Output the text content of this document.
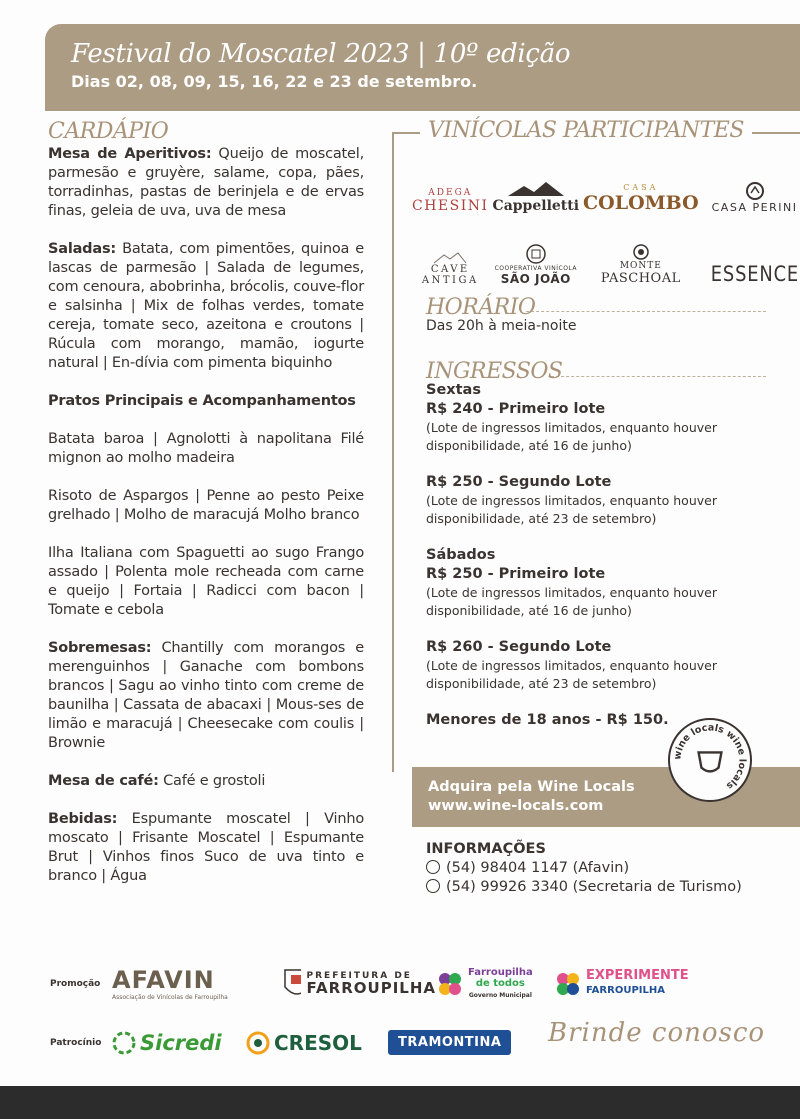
Festival do Moscatel 2023 | 10º edição
Dias 02, 08, 09, 15, 16, 22 e 23 de setembro.
CARDÁPIO

Mesa de Aperitivos: Queijo de moscatel, parmesão e gruyère, salame, copa, pães, torradinhas, pastas de berinjela e de ervas finas, geleia de uva, uva de mesa

Saladas: Batata, com pimentões, quinoa e lascas de parmesão | Salada de legumes, com cenoura, abobrinha, brócolis, couve-flor e salsinha | Mix de folhas verdes, tomate cereja, tomate seco, azeitona e croutons | Rúcula com morango, mamão, iogurte natural | En-dívia com pimenta biquinho

Pratos Principais e Acompanhamentos

Batata baroa | Agnolotti à napolitana Filé mignon ao molho madeira

Risoto de Aspargos | Penne ao pesto Peixe grelhado | Molho de maracujá Molho branco

Ilha Italiana com Spaguetti ao sugo Frango assado | Polenta mole recheada com carne e queijo | Fortaia | Radicci com bacon | Tomate e cebola

Sobremesas: Chantilly com morangos e merenguinhos | Ganache com bombons brancos | Sagu ao vinho tinto com creme de baunilha | Cassata de abacaxi | Mous-ses de limão e maracujá | Cheesecake com coulis | Brownie

Mesa de café: Café e grostoli

Bebidas: Espumante moscatel | Vinho moscato | Frisante Moscatel | Espumante Brut | Vinhos finos Suco de uva tinto e branco | Água

VINÍCOLAS PARTICIPANTES
ADEGA
CHESINI Cappelletti
CASA
COLOMBO CASA PERINI
CAVE ANTIGA
COOPERATIVA VINÍCOLA
SÃO JOÃO
MONTE
PASCHOAL ESSENCE
HORÁRIO
Das 20h à meia-noite
INGRESSOS
Sextas
R$ 240 - Primeiro lote
(Lote de ingressos limitados, enquanto houver disponibilidade, até 16 de junho)
R$ 250 - Segundo Lote
(Lote de ingressos limitados, enquanto houver disponibilidade, até 23 de setembro)
Sábados
R$ 250 - Primeiro lote
(Lote de ingressos limitados, enquanto houver disponibilidade, até 16 de junho)
R$ 260 - Segundo Lote
(Lote de ingressos limitados, enquanto houver disponibilidade, até 23 de setembro)
Menores de 18 anos - R$ 150.
Adquira pela Wine Locals
www.wine-locals.com
wine locals wine locals
INFORMAÇÕES
(54) 98404 1147 (Afavin)
(54) 99926 3340 (Secretaria de Turismo)
Promoção AFAVIN
Associação de Vinícolas de Farroupilha
PREFEITURA DE
FARROUPILHA
Farroupilha
de todos
Governo Municipal
EXPERIMENTE
FARROUPILHA
Patrocínio	Sicredi	CRESOL	TRAMONTINA	Brinde conosco
